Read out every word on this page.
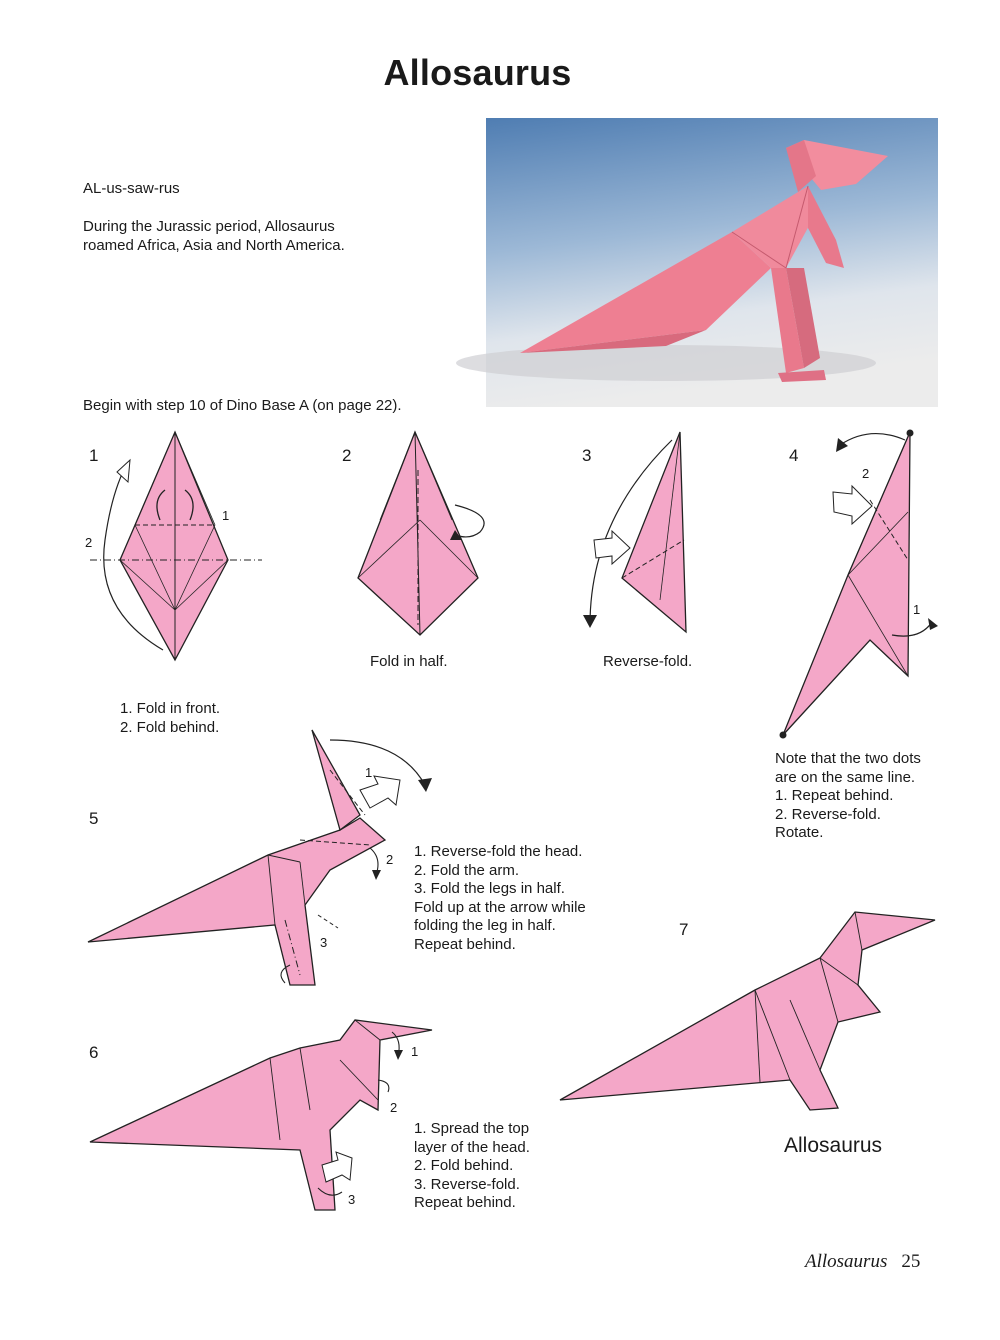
Allosaurus
AL-us-saw-rus
During the Jurassic period, Allosaurus
roamed Africa, Asia and North America.
Begin with step 10 of Dino Base A (on page 22).
1
1
2
1. Fold in front.
2. Fold behind.
2
Fold in half.
3
Reverse-fold.
4
2
1
Note that the two dots
are on the same line.
1. Repeat behind.
2. Reverse-fold.
Rotate.
5
1
2
3
1. Reverse-fold the head.
2. Fold the arm.
3. Fold the legs in half.
Fold up at the arrow while
folding the leg in half.
Repeat behind.
6	1
2
3
1. Spread the top
layer of the head.
2. Fold behind.
3. Reverse-fold.
Repeat behind.
7
Allosaurus
Allosaurus 25
